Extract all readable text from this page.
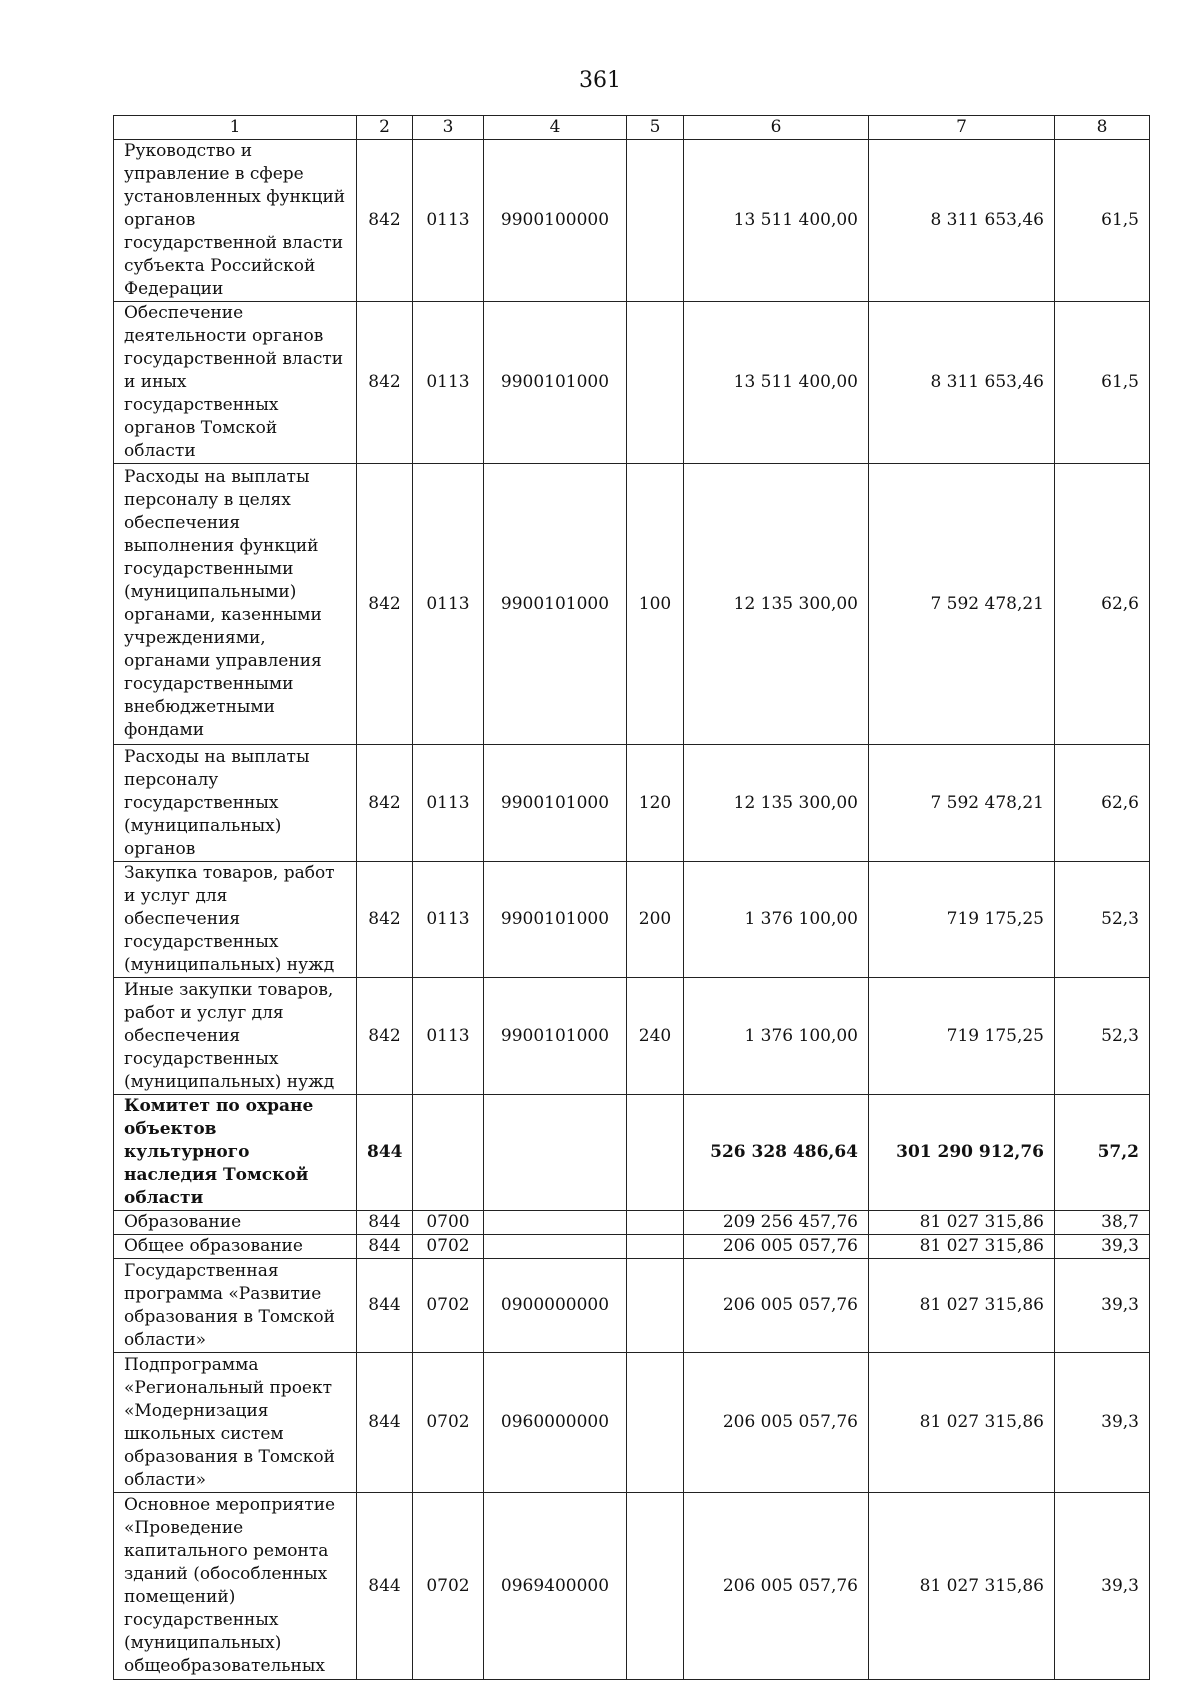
361
1	2	3	4	5	6	7	8
Руководство и управление в сфере установленных функций органов государственной власти субъекта Российской Федерации	842	0113	9900100000		13 511 400,00	8 311 653,46	61,5
Обеспечение деятельности органов государственной власти и иных государственных органов Томской области	842	0113	9900101000		13 511 400,00	8 311 653,46	61,5
Расходы на выплаты персоналу в целях обеспечения выполнения функций государственными (муниципальными) органами, казенными учреждениями, органами управления государственными внебюджетными фондами	842	0113	9900101000	100	12 135 300,00	7 592 478,21	62,6
Расходы на выплаты персоналу государственных (муниципальных) органов	842	0113	9900101000	120	12 135 300,00	7 592 478,21	62,6
Закупка товаров, работ и услуг для обеспечения государственных (муниципальных) нужд	842	0113	9900101000	200	1 376 100,00	719 175,25	52,3
Иные закупки товаров, работ и услуг для обеспечения государственных (муниципальных) нужд	842	0113	9900101000	240	1 376 100,00	719 175,25	52,3
Комитет по охране объектов культурного наследия Томской области	844				526 328 486,64	301 290 912,76	57,2
Образование	844	0700			209 256 457,76	81 027 315,86	38,7
Общее образование	844	0702			206 005 057,76	81 027 315,86	39,3
Государственная программа «Развитие образования в Томской области»	844	0702	0900000000		206 005 057,76	81 027 315,86	39,3
Подпрограмма «Региональный проект «Модернизация школьных систем образования в Томской области»	844	0702	0960000000		206 005 057,76	81 027 315,86	39,3
Основное мероприятие «Проведение капитального ремонта зданий (обособленных помещений) государственных (муниципальных) общеобразовательных	844	0702	0969400000		206 005 057,76	81 027 315,86	39,3
